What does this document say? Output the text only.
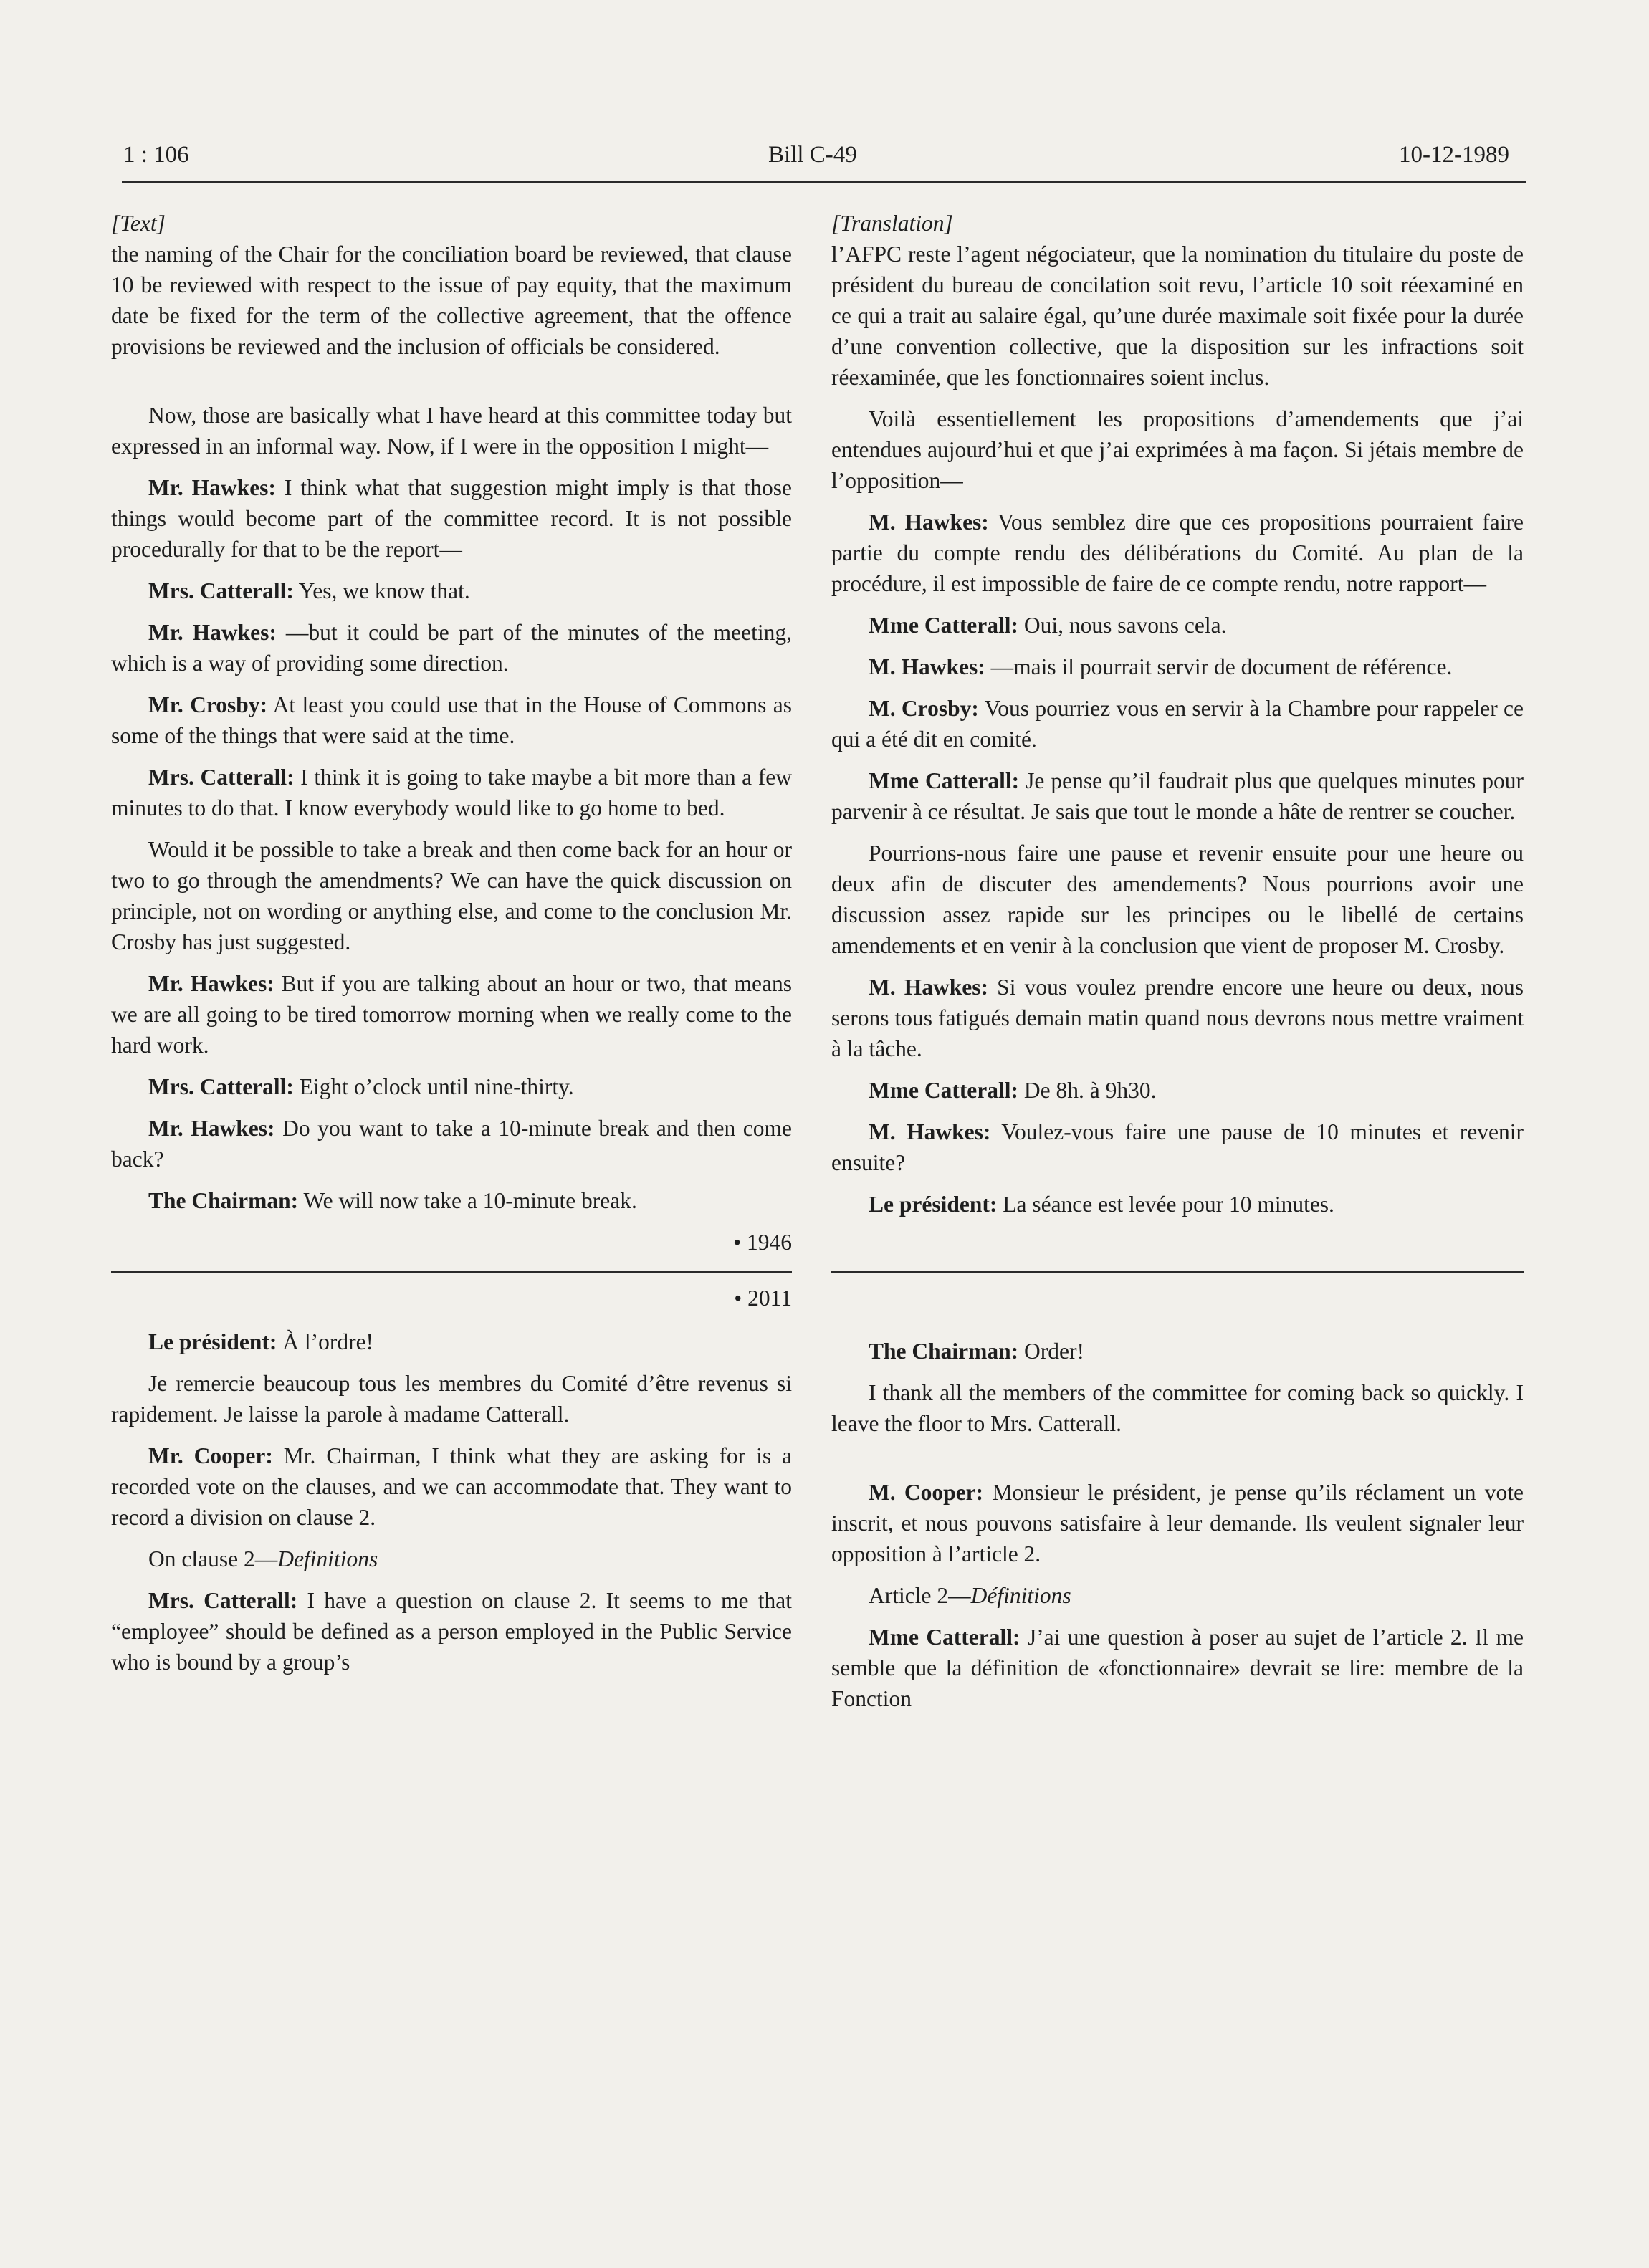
1 : 106	Bill C-49	10-12-1989

[Text]

the naming of the Chair for the conciliation board be reviewed, that clause 10 be reviewed with respect to the issue of pay equity, that the maximum date be fixed for the term of the collective agreement, that the offence provisions be reviewed and the inclusion of officials be considered.

Now, those are basically what I have heard at this committee today but expressed in an informal way. Now, if I were in the opposition I might—

Mr. Hawkes: I think what that suggestion might imply is that those things would become part of the committee record. It is not possible procedurally for that to be the report—

Mrs. Catterall: Yes, we know that.

Mr. Hawkes: —but it could be part of the minutes of the meeting, which is a way of providing some direction.

Mr. Crosby: At least you could use that in the House of Commons as some of the things that were said at the time.

Mrs. Catterall: I think it is going to take maybe a bit more than a few minutes to do that. I know everybody would like to go home to bed.

Would it be possible to take a break and then come back for an hour or two to go through the amendments? We can have the quick discussion on principle, not on wording or anything else, and come to the conclusion Mr. Crosby has just suggested.

Mr. Hawkes: But if you are talking about an hour or two, that means we are all going to be tired tomorrow morning when we really come to the hard work.

Mrs. Catterall: Eight o’clock until nine-thirty.

Mr. Hawkes: Do you want to take a 10-minute break and then come back?

The Chairman: We will now take a 10-minute break.

• 1946
• 2011

Le président: À l’ordre!

Je remercie beaucoup tous les membres du Comité d’être revenus si rapidement. Je laisse la parole à madame Catterall.

Mr. Cooper: Mr. Chairman, I think what they are asking for is a recorded vote on the clauses, and we can accommodate that. They want to record a division on clause 2.

On clause 2—Definitions

Mrs. Catterall: I have a question on clause 2. It seems to me that “employee” should be defined as a person employed in the Public Service who is bound by a group’s

[Translation]

l’AFPC reste l’agent négociateur, que la nomination du titulaire du poste de président du bureau de concilation soit revu, l’article 10 soit réexaminé en ce qui a trait au salaire égal, qu’une durée maximale soit fixée pour la durée d’une convention collective, que la disposition sur les infractions soit réexaminée, que les fonctionnaires soient inclus.

Voilà essentiellement les propositions d’amendements que j’ai entendues aujourd’hui et que j’ai exprimées à ma façon. Si jétais membre de l’opposition—

M. Hawkes: Vous semblez dire que ces propositions pourraient faire partie du compte rendu des délibérations du Comité. Au plan de la procédure, il est impossible de faire de ce compte rendu, notre rapport—

Mme Catterall: Oui, nous savons cela.

M. Hawkes: —mais il pourrait servir de document de référence.

M. Crosby: Vous pourriez vous en servir à la Chambre pour rappeler ce qui a été dit en comité.

Mme Catterall: Je pense qu’il faudrait plus que quelques minutes pour parvenir à ce résultat. Je sais que tout le monde a hâte de rentrer se coucher.

Pourrions-nous faire une pause et revenir ensuite pour une heure ou deux afin de discuter des amendements? Nous pourrions avoir une discussion assez rapide sur les principes ou le libellé de certains amendements et en venir à la conclusion que vient de proposer M. Crosby.

M. Hawkes: Si vous voulez prendre encore une heure ou deux, nous serons tous fatigués demain matin quand nous devrons nous mettre vraiment à la tâche.

Mme Catterall: De 8h. à 9h30.

M. Hawkes: Voulez-vous faire une pause de 10 minutes et revenir ensuite?

Le président: La séance est levée pour 10 minutes.

The Chairman: Order!

I thank all the members of the committee for coming back so quickly. I leave the floor to Mrs. Catterall.

M. Cooper: Monsieur le président, je pense qu’ils réclament un vote inscrit, et nous pouvons satisfaire à leur demande. Ils veulent signaler leur opposition à l’article 2.

Article 2—Définitions

Mme Catterall: J’ai une question à poser au sujet de l’article 2. Il me semble que la définition de «fonctionnaire» devrait se lire: membre de la Fonction
